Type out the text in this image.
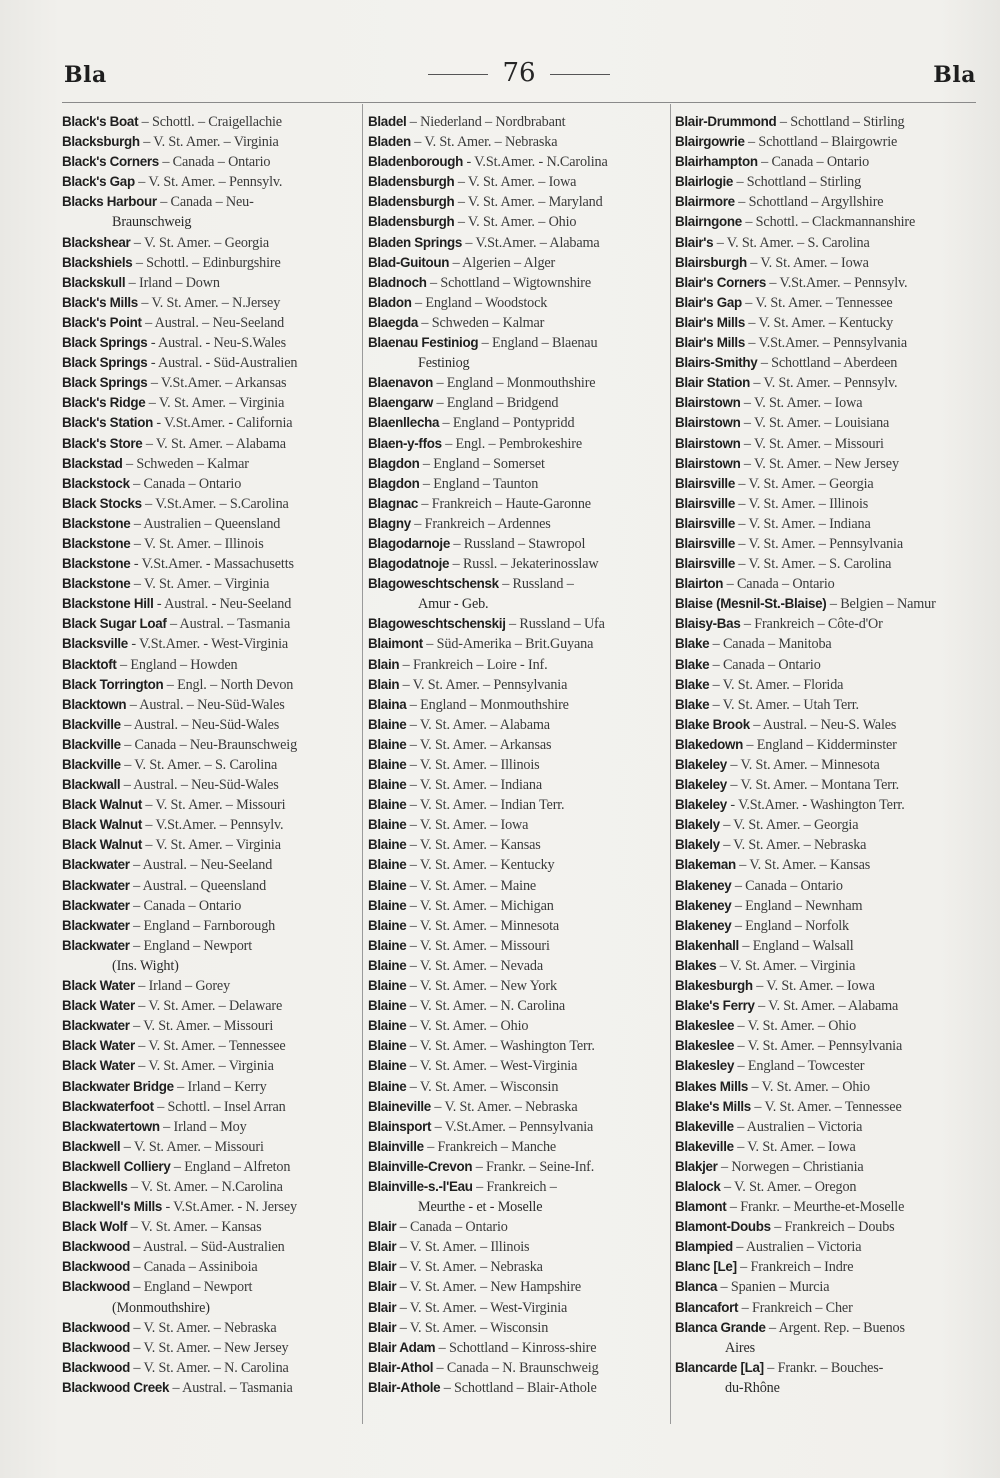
Bla	76	Bla
Black's Boat – Schottl. – Craigellachie
Blacksburgh – V. St. Amer. – Virginia
Black's Corners – Canada – Ontario
Black's Gap – V. St. Amer. – Pennsylv.
Blacks Harbour – Canada – Neu-
Braunschweig
Blackshear – V. St. Amer. – Georgia
Blackshiels – Schottl. – Edinburgshire
Blackskull – Irland – Down
Black's Mills – V. St. Amer. – N.Jersey
Black's Point – Austral. – Neu-Seeland
Black Springs - Austral. - Neu-S.Wales
Black Springs - Austral. - Süd-Australien
Black Springs – V.St.Amer. – Arkansas
Black's Ridge – V. St. Amer. – Virginia
Black's Station - V.St.Amer. - California
Black's Store – V. St. Amer. – Alabama
Blackstad – Schweden – Kalmar
Blackstock – Canada – Ontario
Black Stocks – V.St.Amer. – S.Carolina
Blackstone – Australien – Queensland
Blackstone – V. St. Amer. – Illinois
Blackstone - V.St.Amer. - Massachusetts
Blackstone – V. St. Amer. – Virginia
Blackstone Hill - Austral. - Neu-Seeland
Black Sugar Loaf – Austral. – Tasmania
Blacksville - V.St.Amer. - West-Virginia
Blacktoft – England – Howden
Black Torrington – Engl. – North Devon
Blacktown – Austral. – Neu-Süd-Wales
Blackville – Austral. – Neu-Süd-Wales
Blackville – Canada – Neu-Braunschweig
Blackville – V. St. Amer. – S. Carolina
Blackwall – Austral. – Neu-Süd-Wales
Black Walnut – V. St. Amer. – Missouri
Black Walnut – V.St.Amer. – Pennsylv.
Black Walnut – V. St. Amer. – Virginia
Blackwater – Austral. – Neu-Seeland
Blackwater – Austral. – Queensland
Blackwater – Canada – Ontario
Blackwater – England – Farnborough
Blackwater – England – Newport
(Ins. Wight)
Black Water – Irland – Gorey
Black Water – V. St. Amer. – Delaware
Blackwater – V. St. Amer. – Missouri
Black Water – V. St. Amer. – Tennessee
Black Water – V. St. Amer. – Virginia
Blackwater Bridge – Irland – Kerry
Blackwaterfoot – Schottl. – Insel Arran
Blackwatertown – Irland – Moy
Blackwell – V. St. Amer. – Missouri
Blackwell Colliery – England – Alfreton
Blackwells – V. St. Amer. – N.Carolina
Blackwell's Mills - V.St.Amer. - N. Jersey
Black Wolf – V. St. Amer. – Kansas
Blackwood – Austral. – Süd-Australien
Blackwood – Canada – Assiniboia
Blackwood – England – Newport
(Monmouthshire)
Blackwood – V. St. Amer. – Nebraska
Blackwood – V. St. Amer. – New Jersey
Blackwood – V. St. Amer. – N. Carolina
Blackwood Creek – Austral. – Tasmania
Bladel – Niederland – Nordbrabant
Bladen – V. St. Amer. – Nebraska
Bladenborough - V.St.Amer. - N.Carolina
Bladensburgh – V. St. Amer. – Iowa
Bladensburgh – V. St. Amer. – Maryland
Bladensburgh – V. St. Amer. – Ohio
Bladen Springs – V.St.Amer. – Alabama
Blad-Guitoun – Algerien – Alger
Bladnoch – Schottland – Wigtownshire
Bladon – England – Woodstock
Blaegda – Schweden – Kalmar
Blaenau Festiniog – England – Blaenau
Festiniog
Blaenavon – England – Monmouthshire
Blaengarw – England – Bridgend
Blaenllecha – England – Pontypridd
Blaen-y-ffos – Engl. – Pembrokeshire
Blagdon – England – Somerset
Blagdon – England – Taunton
Blagnac – Frankreich – Haute-Garonne
Blagny – Frankreich – Ardennes
Blagodarnoje – Russland – Stawropol
Blagodatnoje – Russl. – Jekaterinosslaw
Blagoweschtschensk – Russland –
Amur - Geb.
Blagoweschtschenskij – Russland – Ufa
Blaimont – Süd-Amerika – Brit.Guyana
Blain – Frankreich – Loire - Inf.
Blain – V. St. Amer. – Pennsylvania
Blaina – England – Monmouthshire
Blaine – V. St. Amer. – Alabama
Blaine – V. St. Amer. – Arkansas
Blaine – V. St. Amer. – Illinois
Blaine – V. St. Amer. – Indiana
Blaine – V. St. Amer. – Indian Terr.
Blaine – V. St. Amer. – Iowa
Blaine – V. St. Amer. – Kansas
Blaine – V. St. Amer. – Kentucky
Blaine – V. St. Amer. – Maine
Blaine – V. St. Amer. – Michigan
Blaine – V. St. Amer. – Minnesota
Blaine – V. St. Amer. – Missouri
Blaine – V. St. Amer. – Nevada
Blaine – V. St. Amer. – New York
Blaine – V. St. Amer. – N. Carolina
Blaine – V. St. Amer. – Ohio
Blaine – V. St. Amer. – Washington Terr.
Blaine – V. St. Amer. – West-Virginia
Blaine – V. St. Amer. – Wisconsin
Blaineville – V. St. Amer. – Nebraska
Blainsport – V.St.Amer. – Pennsylvania
Blainville – Frankreich – Manche
Blainville-Crevon – Frankr. – Seine-Inf.
Blainville-s.-l'Eau – Frankreich –
Meurthe - et - Moselle
Blair – Canada – Ontario
Blair – V. St. Amer. – Illinois
Blair – V. St. Amer. – Nebraska
Blair – V. St. Amer. – New Hampshire
Blair – V. St. Amer. – West-Virginia
Blair – V. St. Amer. – Wisconsin
Blair Adam – Schottland – Kinross-shire
Blair-Athol – Canada – N. Braunschweig
Blair-Athole – Schottland – Blair-Athole
Blair-Drummond – Schottland – Stirling
Blairgowrie – Schottland – Blairgowrie
Blairhampton – Canada – Ontario
Blairlogie – Schottland – Stirling
Blairmore – Schottland – Argyllshire
Blairngone – Schottl. – Clackmannanshire
Blair's – V. St. Amer. – S. Carolina
Blairsburgh – V. St. Amer. – Iowa
Blair's Corners – V.St.Amer. – Pennsylv.
Blair's Gap – V. St. Amer. – Tennessee
Blair's Mills – V. St. Amer. – Kentucky
Blair's Mills – V.St.Amer. – Pennsylvania
Blairs-Smithy – Schottland – Aberdeen
Blair Station – V. St. Amer. – Pennsylv.
Blairstown – V. St. Amer. – Iowa
Blairstown – V. St. Amer. – Louisiana
Blairstown – V. St. Amer. – Missouri
Blairstown – V. St. Amer. – New Jersey
Blairsville – V. St. Amer. – Georgia
Blairsville – V. St. Amer. – Illinois
Blairsville – V. St. Amer. – Indiana
Blairsville – V. St. Amer. – Pennsylvania
Blairsville – V. St. Amer. – S. Carolina
Blairton – Canada – Ontario
Blaise (Mesnil-St.-Blaise) – Belgien – Namur
Blaisy-Bas – Frankreich – Côte-d'Or
Blake – Canada – Manitoba
Blake – Canada – Ontario
Blake – V. St. Amer. – Florida
Blake – V. St. Amer. – Utah Terr.
Blake Brook – Austral. – Neu-S. Wales
Blakedown – England – Kidderminster
Blakeley – V. St. Amer. – Minnesota
Blakeley – V. St. Amer. – Montana Terr.
Blakeley - V.St.Amer. - Washington Terr.
Blakely – V. St. Amer. – Georgia
Blakely – V. St. Amer. – Nebraska
Blakeman – V. St. Amer. – Kansas
Blakeney – Canada – Ontario
Blakeney – England – Newnham
Blakeney – England – Norfolk
Blakenhall – England – Walsall
Blakes – V. St. Amer. – Virginia
Blakesburgh – V. St. Amer. – Iowa
Blake's Ferry – V. St. Amer. – Alabama
Blakeslee – V. St. Amer. – Ohio
Blakeslee – V. St. Amer. – Pennsylvania
Blakesley – England – Towcester
Blakes Mills – V. St. Amer. – Ohio
Blake's Mills – V. St. Amer. – Tennessee
Blakeville – Australien – Victoria
Blakeville – V. St. Amer. – Iowa
Blakjer – Norwegen – Christiania
Blalock – V. St. Amer. – Oregon
Blamont – Frankr. – Meurthe-et-Moselle
Blamont-Doubs – Frankreich – Doubs
Blampied – Australien – Victoria
Blanc [Le] – Frankreich – Indre
Blanca – Spanien – Murcia
Blancafort – Frankreich – Cher
Blanca Grande – Argent. Rep. – Buenos
Aires
Blancarde [La] – Frankr. – Bouches-
du-Rhône
